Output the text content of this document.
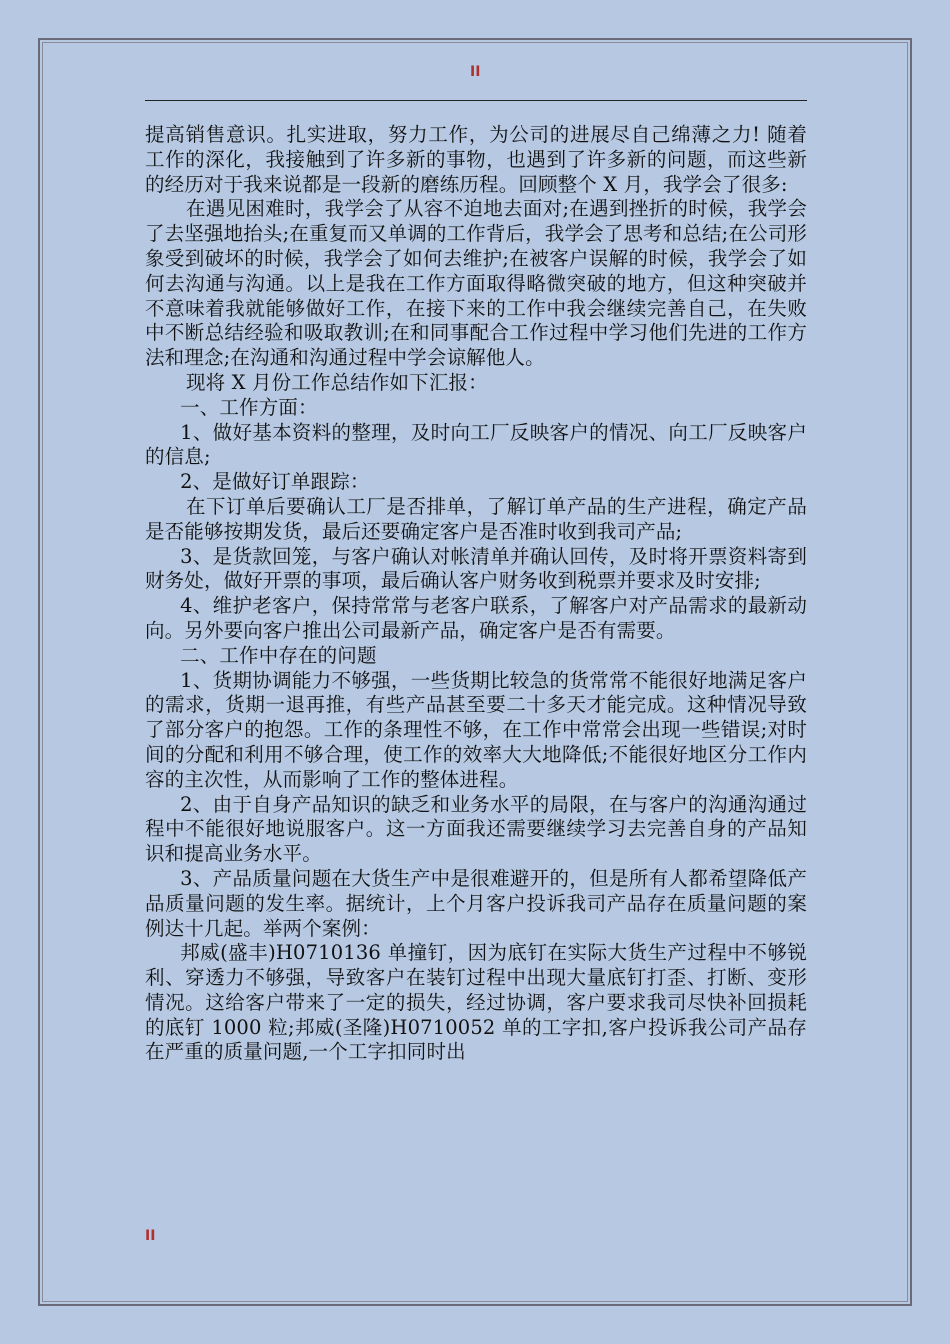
II

提高销售意识。扎实进取，努力工作，为公司的进展尽自己绵薄之力! 随着工作的深化，我接触到了许多新的事物，也遇到了许多新的问题，而这些新的经历对于我来说都是一段新的磨练历程。回顾整个 X 月，我学会了很多:

在遇见困难时，我学会了从容不迫地去面对;在遇到挫折的时候，我学会了去坚强地抬头;在重复而又单调的工作背后，我学会了思考和总结;在公司形象受到破坏的时候，我学会了如何去维护;在被客户误解的时候，我学会了如何去沟通与沟通。以上是我在工作方面取得略微突破的地方，但这种突破并不意味着我就能够做好工作，在接下来的工作中我会继续完善自己，在失败中不断总结经验和吸取教训;在和同事配合工作过程中学习他们先进的工作方法和理念;在沟通和沟通过程中学会谅解他人。

现将 X 月份工作总结作如下汇报：

一、工作方面：

1、做好基本资料的整理，及时向工厂反映客户的情况、向工厂反映客户的信息;

2、是做好订单跟踪：

在下订单后要确认工厂是否排单，了解订单产品的生产进程，确定产品是否能够按期发货，最后还要确定客户是否准时收到我司产品;

3、是货款回笼，与客户确认对帐清单并确认回传，及时将开票资料寄到财务处，做好开票的事项，最后确认客户财务收到税票并要求及时安排;

4、维护老客户，保持常常与老客户联系，了解客户对产品需求的最新动向。另外要向客户推出公司最新产品，确定客户是否有需要。

二、工作中存在的问题

1、货期协调能力不够强，一些货期比较急的货常常不能很好地满足客户的需求，货期一退再推，有些产品甚至要二十多天才能完成。这种情况导致了部分客户的抱怨。工作的条理性不够，在工作中常常会出现一些错误;对时间的分配和利用不够合理，使工作的效率大大地降低;不能很好地区分工作内容的主次性，从而影响了工作的整体进程。

2、由于自身产品知识的缺乏和业务水平的局限，在与客户的沟通沟通过程中不能很好地说服客户。这一方面我还需要继续学习去完善自身的产品知识和提高业务水平。

3、产品质量问题在大货生产中是很难避开的，但是所有人都希望降低产品质量问题的发生率。据统计，上个月客户投诉我司产品存在质量问题的案例达十几起。举两个案例：

邦威(盛丰)H0710136 单撞钉，因为底钉在实际大货生产过程中不够锐利、穿透力不够强，导致客户在装钉过程中出现大量底钉打歪、打断、变形情况。这给客户带来了一定的损失，经过协调，客户要求我司尽快补回损耗的底钉 1000 粒;邦威(圣隆)H0710052 单的工字扣,客户投诉我公司产品存在严重的质量问题,一个工字扣同时出

II
